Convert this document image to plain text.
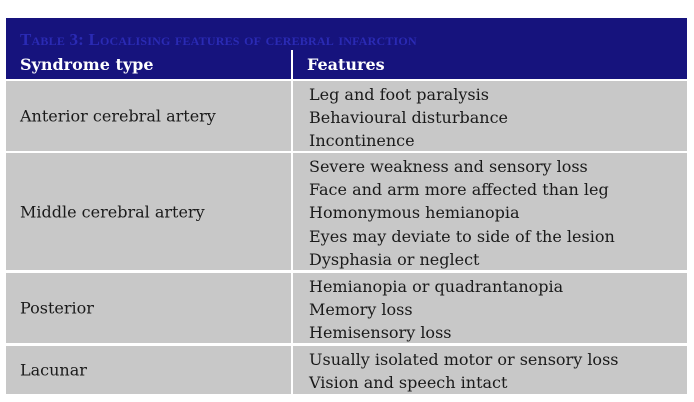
Table 3: Localising features of cerebral infarction
Syndrome type	Features
Anterior cerebral artery
Leg and foot paralysis
Behavioural disturbance
Incontinence
Middle cerebral artery
Severe weakness and sensory loss
Face and arm more affected than leg
Homonymous hemianopia
Eyes may deviate to side of the lesion
Dysphasia or neglect
Posterior
Hemianopia or quadrantanopia
Memory loss
Hemisensory loss
Lacunar
Usually isolated motor or sensory loss
Vision and speech intact
